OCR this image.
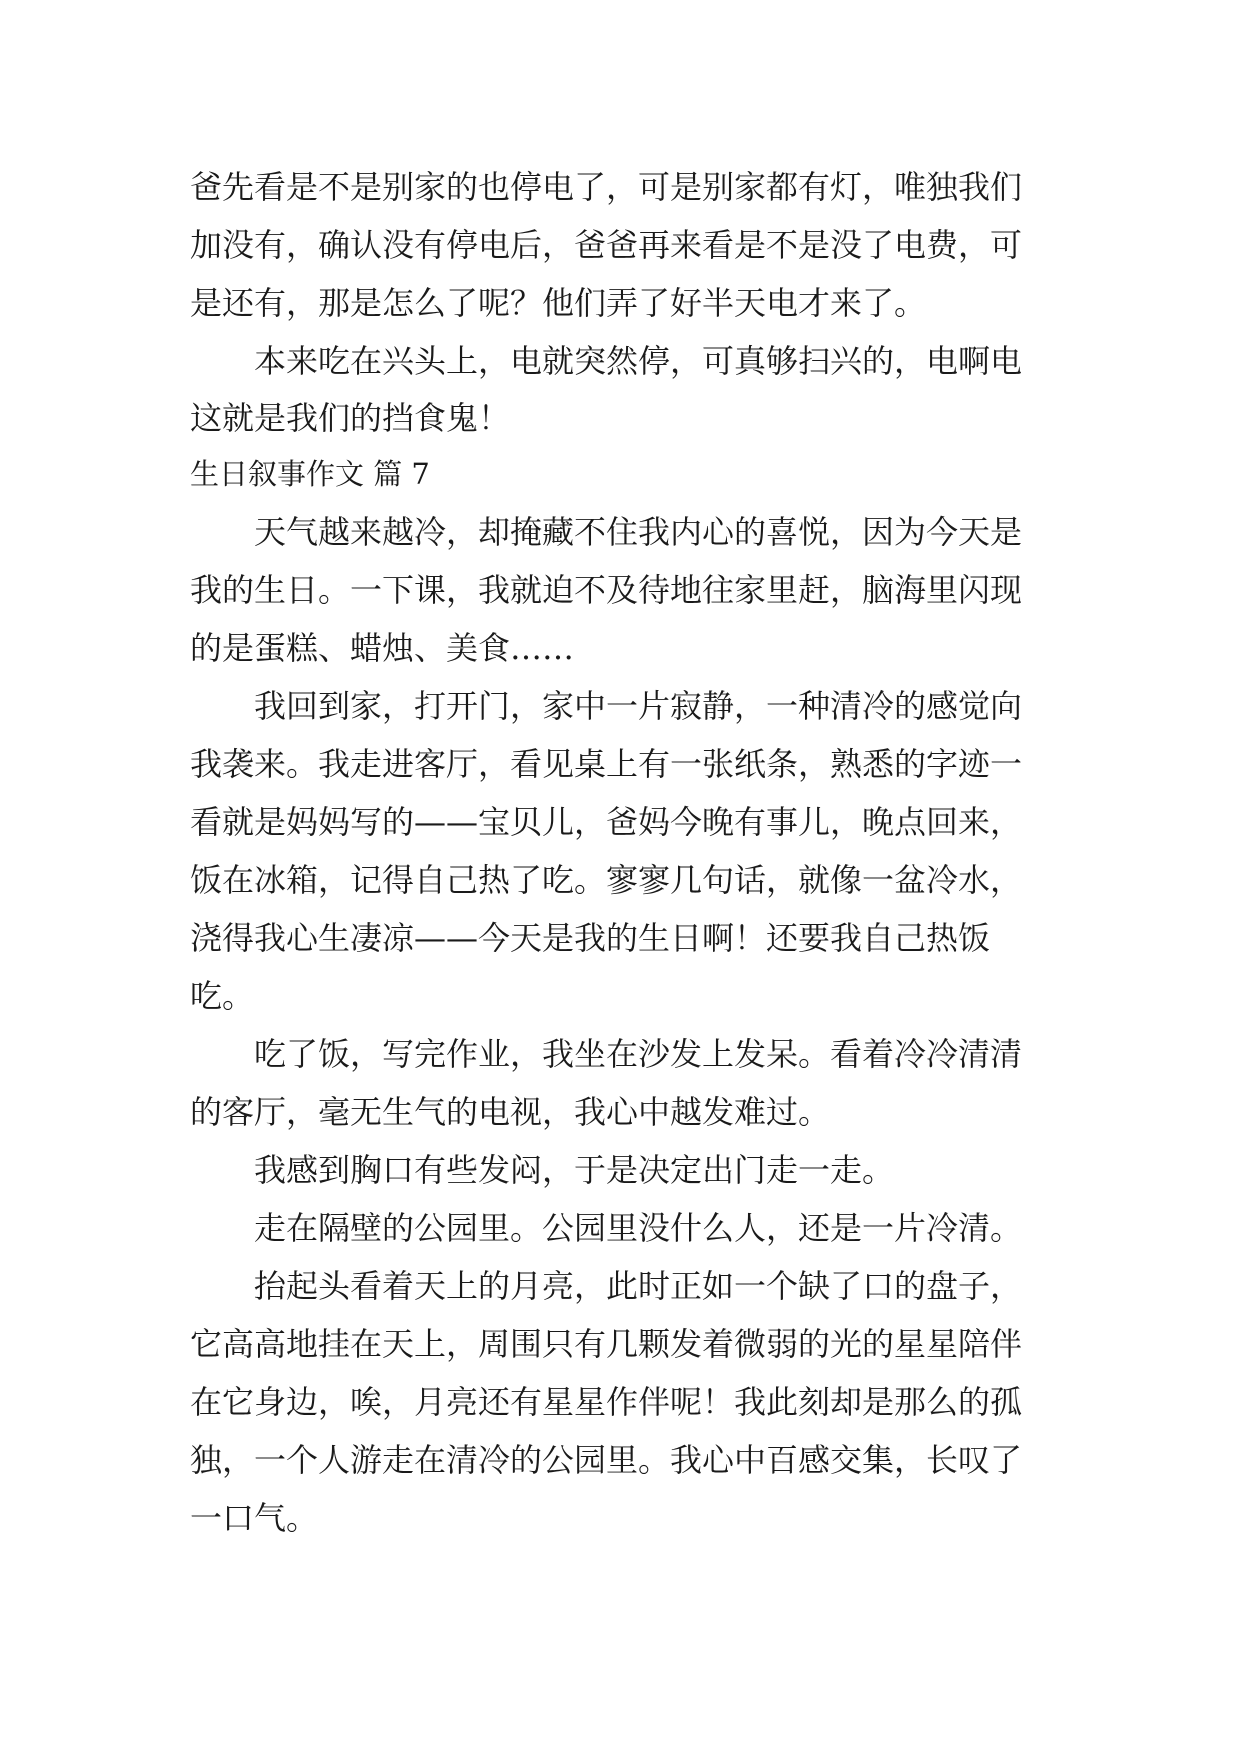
爸先看是不是别家的也停电了，可是别家都有灯，唯独我们
加没有，确认没有停电后，爸爸再来看是不是没了电费，可
是还有，那是怎么了呢？他们弄了好半天电才来了。
　　本来吃在兴头上，电就突然停，可真够扫兴的，电啊电
这就是我们的挡食鬼！
生日叙事作文 篇 7
　　天气越来越冷，却掩藏不住我内心的喜悦，因为今天是
我的生日。一下课，我就迫不及待地往家里赶，脑海里闪现
的是蛋糕、蜡烛、美食……
　　我回到家，打开门，家中一片寂静，一种清冷的感觉向
我袭来。我走进客厅，看见桌上有一张纸条，熟悉的字迹一
看就是妈妈写的——宝贝儿，爸妈今晚有事儿，晚点回来，
饭在冰箱，记得自己热了吃。寥寥几句话，就像一盆冷水，
浇得我心生凄凉——今天是我的生日啊！还要我自己热饭
吃。
　　吃了饭，写完作业，我坐在沙发上发呆。看着冷冷清清
的客厅，毫无生气的电视，我心中越发难过。
　　我感到胸口有些发闷，于是决定出门走一走。
　　走在隔壁的公园里。公园里没什么人，还是一片冷清。
　　抬起头看着天上的月亮，此时正如一个缺了口的盘子，
它高高地挂在天上，周围只有几颗发着微弱的光的星星陪伴
在它身边，唉，月亮还有星星作伴呢！我此刻却是那么的孤
独，一个人游走在清冷的公园里。我心中百感交集，长叹了
一口气。
